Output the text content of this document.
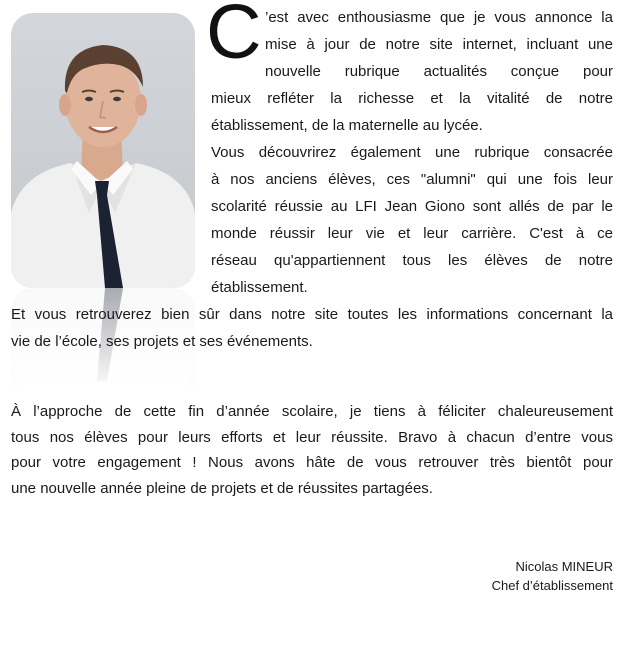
C ’est avec enthousiasme que je vous annonce la
mise à jour de notre site internet, incluant une
nouvelle rubrique actualités conçue pour
mieux refléter la richesse et la vitalité de notre
établissement, de la maternelle au lycée.
Vous découvrirez également une rubrique consacrée
à nos anciens élèves, ces "alumni" qui une fois leur
scolarité réussie au LFI Jean Giono sont allés de par le
monde réussir leur vie et leur carrière. C'est à ce
réseau qu'appartiennent tous les élèves de notre
établissement.
Et vous retrouverez bien sûr dans notre site toutes les informations concernant la
vie de l’école, ses projets et ses événements.
À l’approche de cette fin d’année scolaire, je tiens à féliciter chaleureusement
tous nos élèves pour leurs efforts et leur réussite. Bravo à chacun d’entre vous
pour votre engagement ! Nous avons hâte de vous retrouver très bientôt pour
une nouvelle année pleine de projets et de réussites partagées.
Nicolas MINEUR
Chef d’établissement
